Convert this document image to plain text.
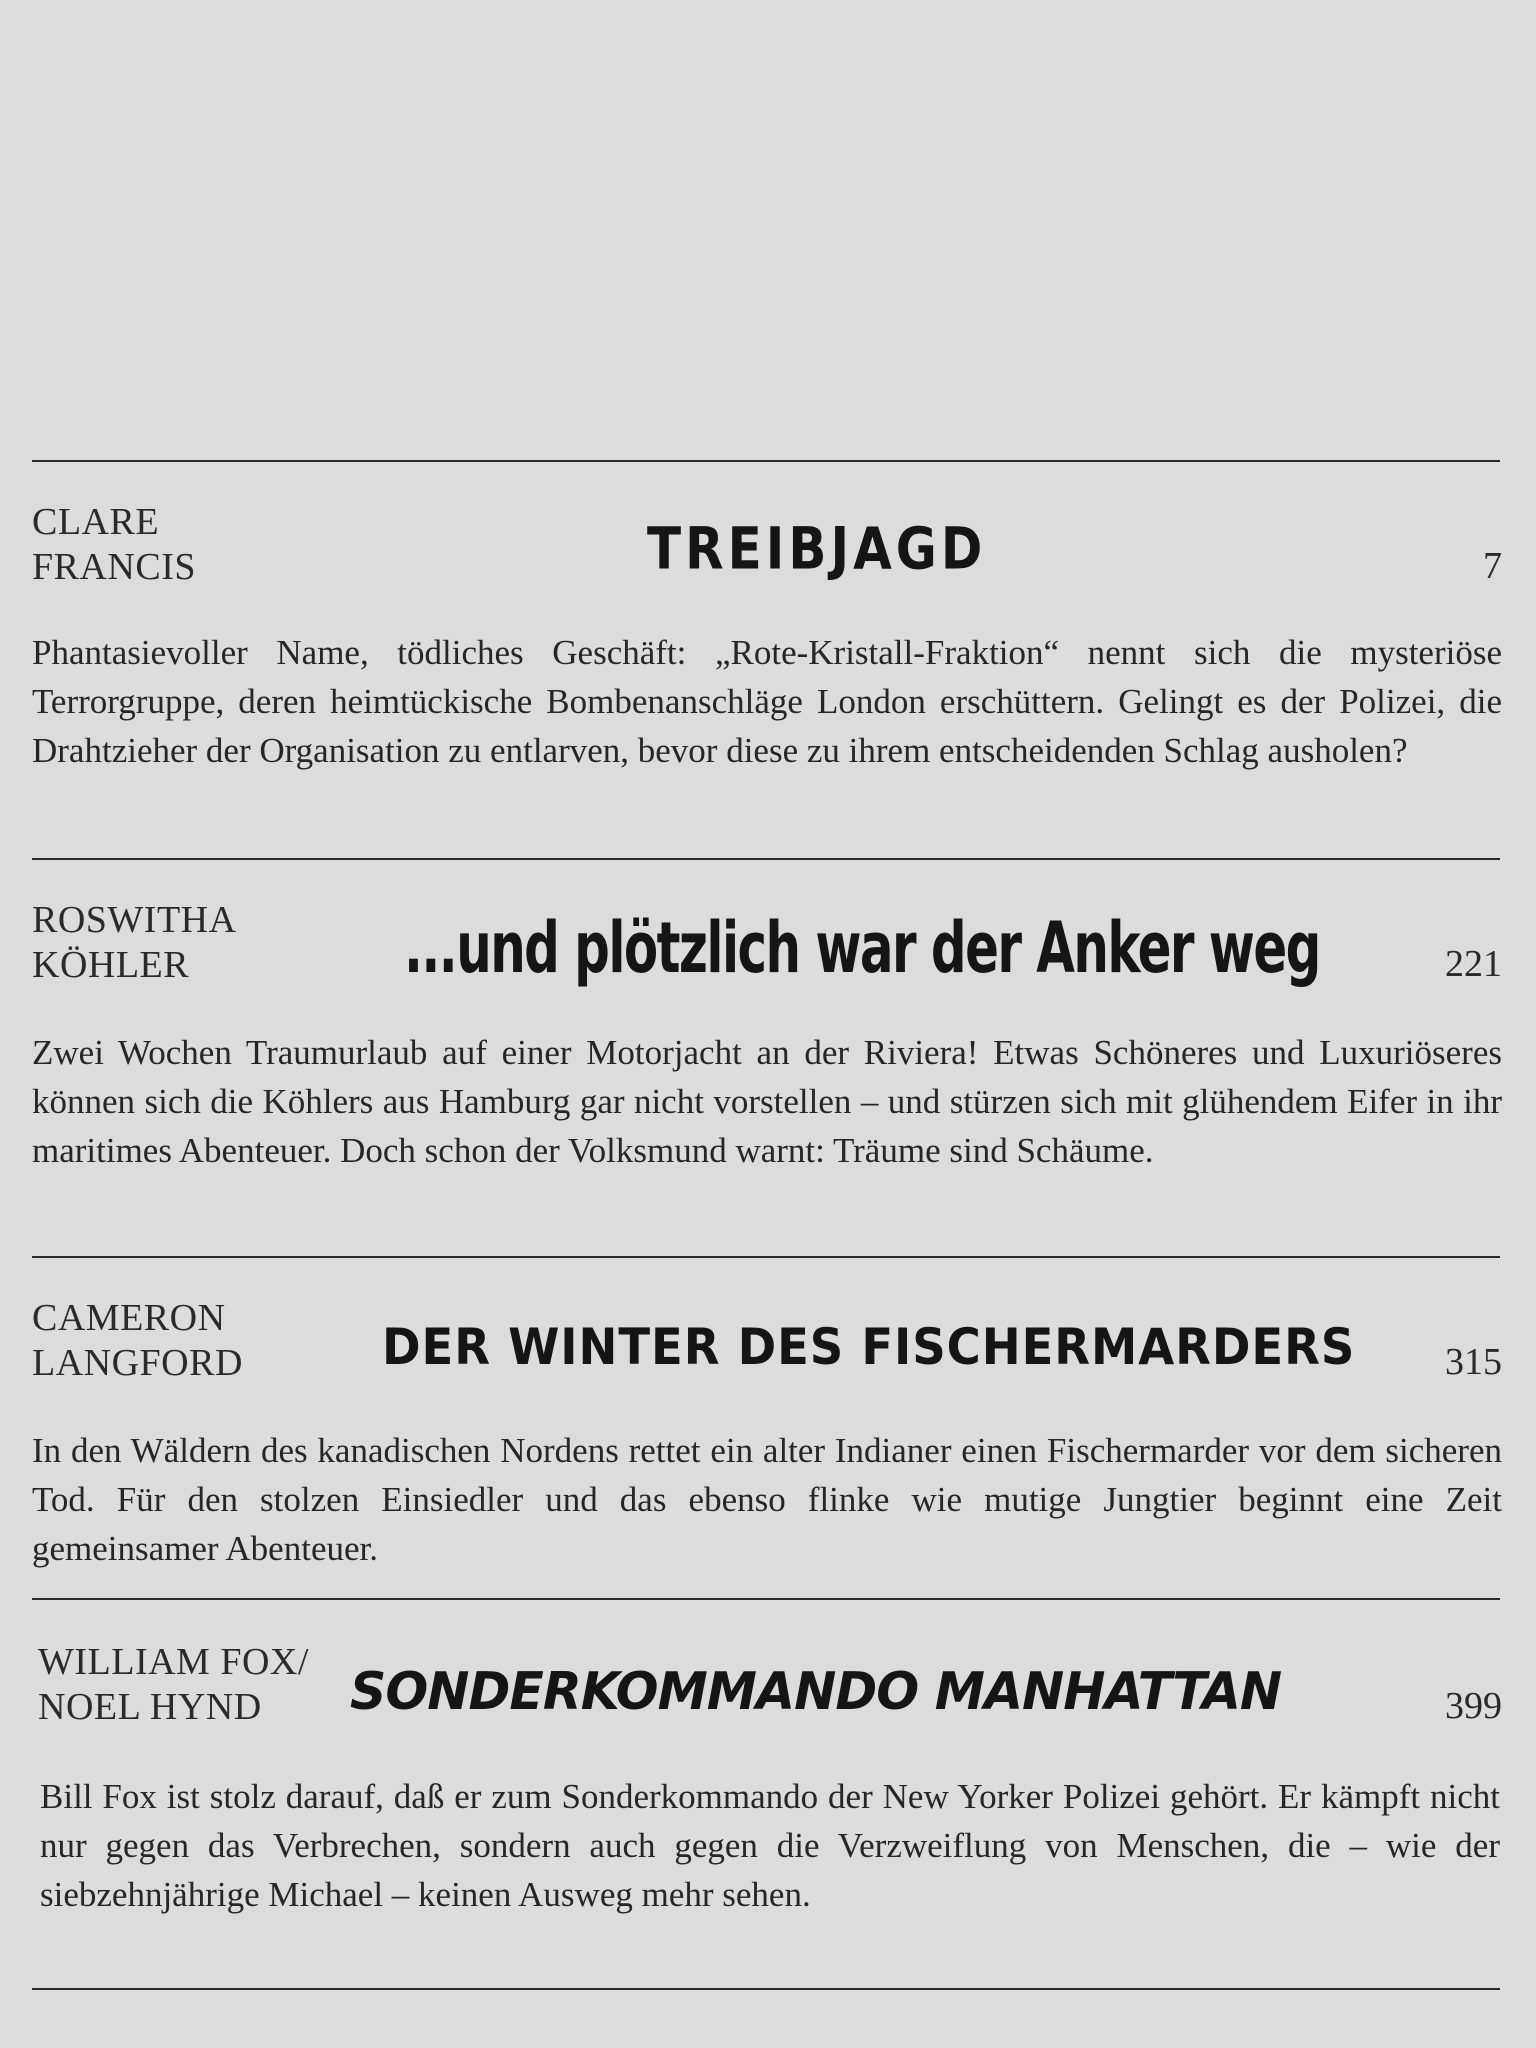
CLARE
FRANCIS	TREIBJAGD	7

Phantasievoller Name, tödliches Geschäft: „Rote-Kristall-Fraktion“ nennt sich die mysteriöse Terrorgruppe, deren heimtückische Bombenanschläge London erschüttern. Gelingt es der Polizei, die Drahtzieher der Organisation zu entlarven, bevor diese zu ihrem entscheidenden Schlag ausholen?

ROSWITHA
KÖHLER	...und plötzlich war der Anker weg	221

Zwei Wochen Traumurlaub auf einer Motorjacht an der Riviera! Etwas Schöneres und Luxuriöseres können sich die Köhlers aus Hamburg gar nicht vorstellen – und stürzen sich mit glühendem Eifer in ihr maritimes Abenteuer. Doch schon der Volksmund warnt: Träume sind Schäume.

CAMERON
LANGFORD	DER WINTER DES FISCHERMARDERS 315

In den Wäldern des kanadischen Nordens rettet ein alter Indianer einen Fischermarder vor dem sicheren Tod. Für den stolzen Einsiedler und das ebenso flinke wie mutige Jungtier beginnt eine Zeit gemeinsamer Abenteuer.

WILLIAM FOX/
NOEL HYND	SONDERKOMMANDO MANHATTAN	399

Bill Fox ist stolz darauf, daß er zum Sonderkommando der New Yorker Polizei gehört. Er kämpft nicht nur gegen das Verbrechen, sondern auch gegen die Verzweiflung von Menschen, die – wie der siebzehnjährige Michael – keinen Ausweg mehr sehen.
